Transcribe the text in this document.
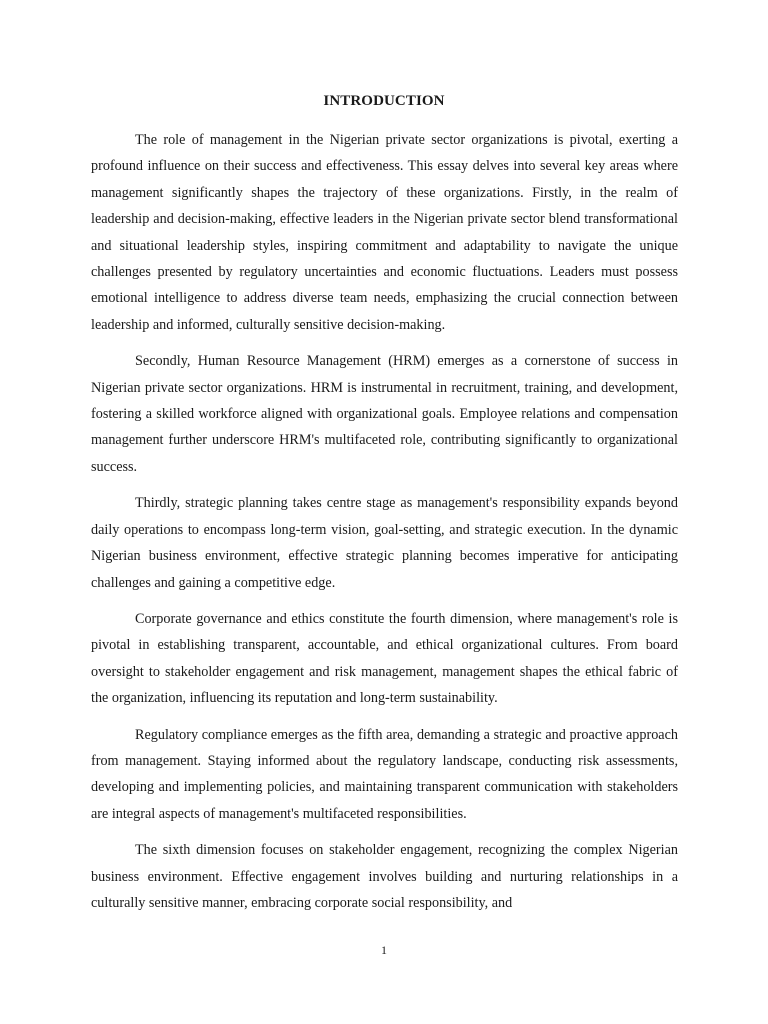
INTRODUCTION

The role of management in the Nigerian private sector organizations is pivotal, exerting a profound influence on their success and effectiveness. This essay delves into several key areas where management significantly shapes the trajectory of these organizations. Firstly, in the realm of leadership and decision-making, effective leaders in the Nigerian private sector blend transformational and situational leadership styles, inspiring commitment and adaptability to navigate the unique challenges presented by regulatory uncertainties and economic fluctuations. Leaders must possess emotional intelligence to address diverse team needs, emphasizing the crucial connection between leadership and informed, culturally sensitive decision-making.

Secondly, Human Resource Management (HRM) emerges as a cornerstone of success in Nigerian private sector organizations. HRM is instrumental in recruitment, training, and development, fostering a skilled workforce aligned with organizational goals. Employee relations and compensation management further underscore HRM's multifaceted role, contributing significantly to organizational success.

Thirdly, strategic planning takes centre stage as management's responsibility expands beyond daily operations to encompass long-term vision, goal-setting, and strategic execution. In the dynamic Nigerian business environment, effective strategic planning becomes imperative for anticipating challenges and gaining a competitive edge.

Corporate governance and ethics constitute the fourth dimension, where management's role is pivotal in establishing transparent, accountable, and ethical organizational cultures. From board oversight to stakeholder engagement and risk management, management shapes the ethical fabric of the organization, influencing its reputation and long-term sustainability.

Regulatory compliance emerges as the fifth area, demanding a strategic and proactive approach from management. Staying informed about the regulatory landscape, conducting risk assessments, developing and implementing policies, and maintaining transparent communication with stakeholders are integral aspects of management's multifaceted responsibilities.

The sixth dimension focuses on stakeholder engagement, recognizing the complex Nigerian business environment. Effective engagement involves building and nurturing relationships in a culturally sensitive manner, embracing corporate social responsibility, and

1
